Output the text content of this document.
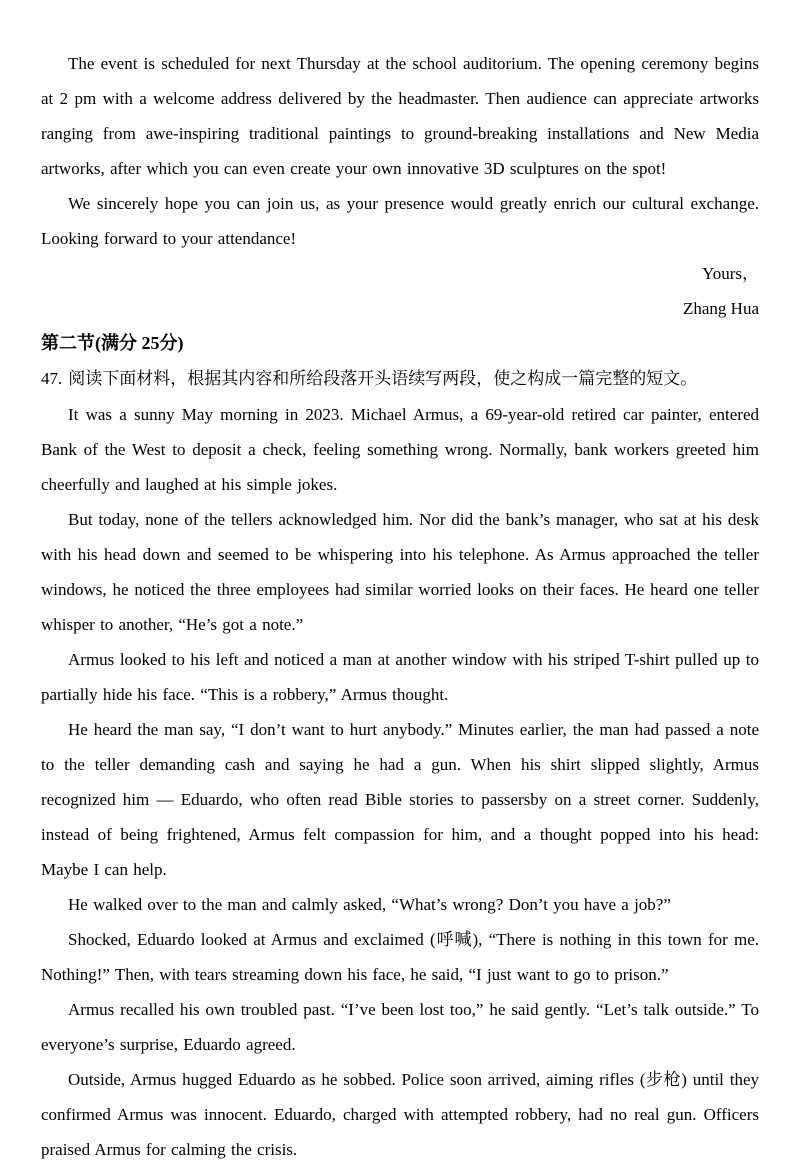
The event is scheduled for next Thursday at the school auditorium. The opening ceremony begins at 2 pm with a welcome address delivered by the headmaster. Then audience can appreciate artworks ranging from awe-inspiring traditional paintings to ground-breaking installations and New Media artworks, after which you can even create your own innovative 3D sculptures on the spot!

We sincerely hope you can join us, as your presence would greatly enrich our cultural exchange. Looking forward to your attendance!

Yours，

Zhang Hua

第二节(满分 25分)

47. 阅读下面材料，根据其内容和所给段落开头语续写两段，使之构成一篇完整的短文。

It was a sunny May morning in 2023. Michael Armus, a 69-year-old retired car painter, entered Bank of the West to deposit a check, feeling something wrong. Normally, bank workers greeted him cheerfully and laughed at his simple jokes.

But today, none of the tellers acknowledged him. Nor did the bank’s manager, who sat at his desk with his head down and seemed to be whispering into his telephone. As Armus approached the teller windows, he noticed the three employees had similar worried looks on their faces. He heard one teller whisper to another, “He’s got a note.”

Armus looked to his left and noticed a man at another window with his striped T-shirt pulled up to partially hide his face. “This is a robbery,” Armus thought.

He heard the man say, “I don’t want to hurt anybody.” Minutes earlier, the man had passed a note to the teller demanding cash and saying he had a gun. When his shirt slipped slightly, Armus recognized him — Eduardo, who often read Bible stories to passersby on a street corner. Suddenly, instead of being frightened, Armus felt compassion for him, and a thought popped into his head: Maybe I can help.

He walked over to the man and calmly asked, “What’s wrong? Don’t you have a job?”

Shocked, Eduardo looked at Armus and exclaimed (呼喊), “There is nothing in this town for me. Nothing!” Then, with tears streaming down his face, he said, “I just want to go to prison.”

Armus recalled his own troubled past. “I’ve been lost too,” he said gently. “Let’s talk outside.” To everyone’s surprise, Eduardo agreed.

Outside, Armus hugged Eduardo as he sobbed. Police soon arrived, aiming rifles (步枪) until they confirmed Armus was innocent. Eduardo, charged with attempted robbery, had no real gun. Officers praised Armus for calming the crisis.
